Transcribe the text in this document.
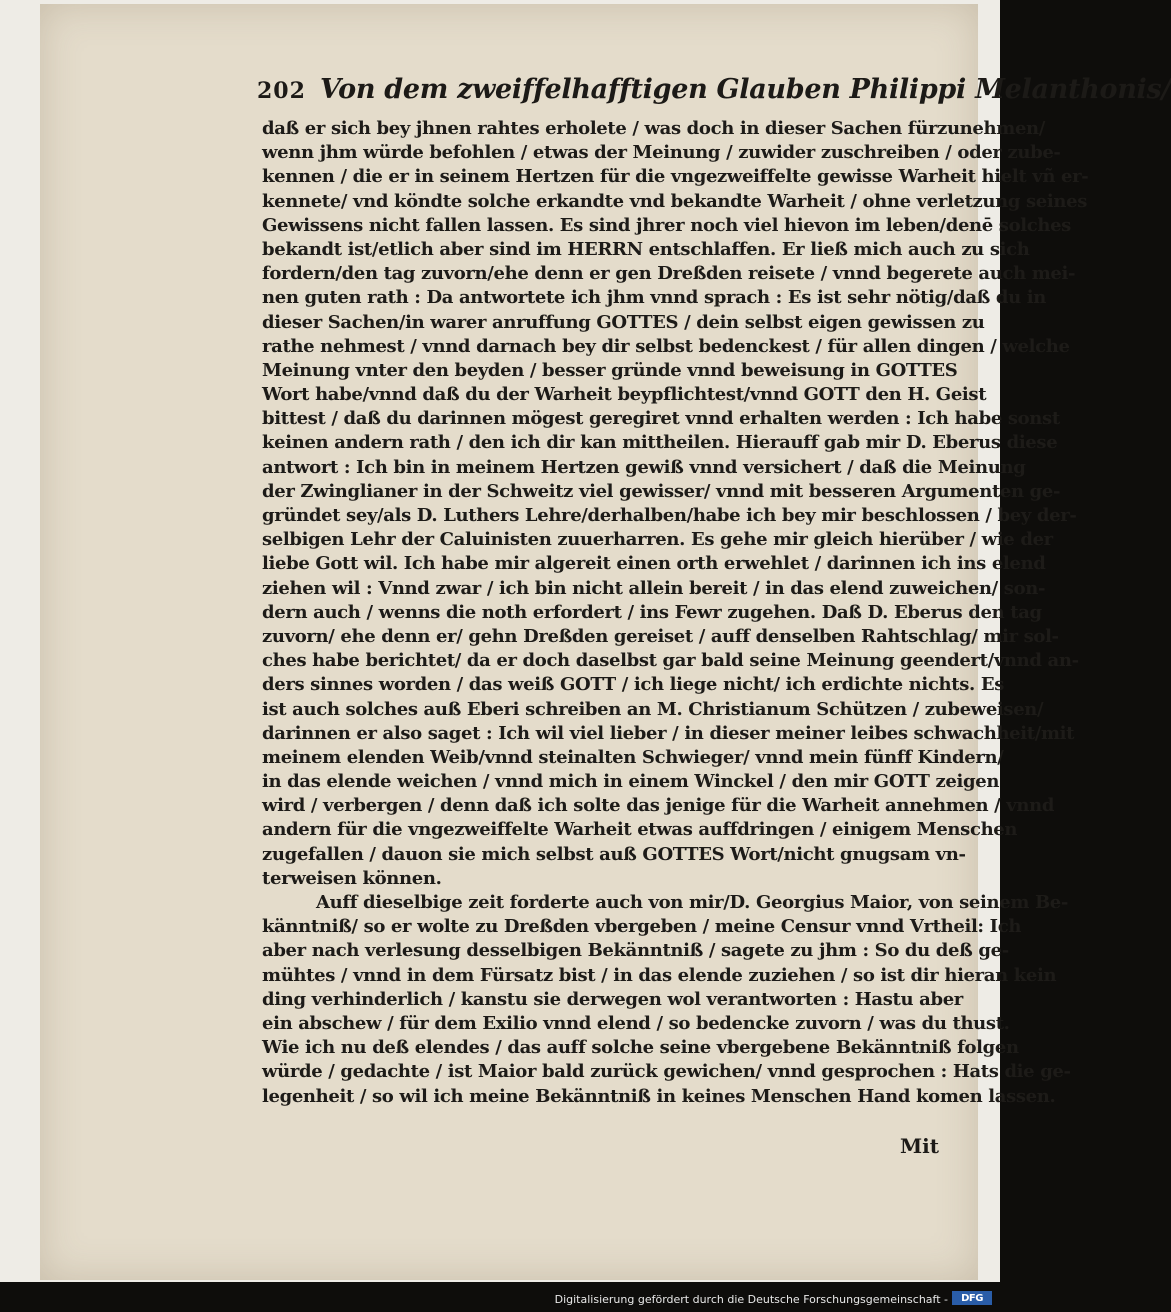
202 Von dem zweiffelhafftigen Glauben Philippi Melanthonis/
daß er sich bey jhnen rahtes erholete / was doch in dieser Sachen fürzunehmen/
wenn jhm würde befohlen / etwas der Meinung / zuwider zuschreiben / oder zube-
kennen / die er in seinem Hertzen für die vngezweiffelte gewisse Warheit hielt vñ er-
kennete/ vnd köndte solche erkandte vnd bekandte Warheit / ohne verletzung seines
Gewissens nicht fallen lassen. Es sind jhrer noch viel hievon im leben/denē solches
bekandt ist/etlich aber sind im HERRN entschlaffen. Er ließ mich auch zu sich
fordern/den tag zuvorn/ehe denn er gen Dreßden reisete / vnnd begerete auch mei-
nen guten rath : Da antwortete ich jhm vnnd sprach : Es ist sehr nötig/daß du in
dieser Sachen/in warer anruffung GOTTES / dein selbst eigen gewissen zu
rathe nehmest / vnnd darnach bey dir selbst bedenckest / für allen dingen / welche
Meinung vnter den beyden / besser gründe vnnd beweisung in GOTTES
Wort habe/vnnd daß du der Warheit beypflichtest/vnnd GOTT den H. Geist
bittest / daß du darinnen mögest geregiret vnnd erhalten werden : Ich habe sonst
keinen andern rath / den ich dir kan mittheilen. Hierauff gab mir D. Eberus diese
antwort : Ich bin in meinem Hertzen gewiß vnnd versichert / daß die Meinung
der Zwinglianer in der Schweitz viel gewisser/ vnnd mit besseren Argumenten ge-
gründet sey/als D. Luthers Lehre/derhalben/habe ich bey mir beschlossen / bey der-
selbigen Lehr der Caluinisten zuuerharren. Es gehe mir gleich hierüber / wie der
liebe Gott wil. Ich habe mir algereit einen orth erwehlet / darinnen ich ins elend
ziehen wil : Vnnd zwar / ich bin nicht allein bereit / in das elend zuweichen/ son-
dern auch / wenns die noth erfordert / ins Fewr zugehen. Daß D. Eberus den tag
zuvorn/ ehe denn er/ gehn Dreßden gereiset / auff denselben Rahtschlag/ mir sol-
ches habe berichtet/ da er doch daselbst gar bald seine Meinung geendert/vnnd an-
ders sinnes worden / das weiß GOTT / ich liege nicht/ ich erdichte nichts. Es
ist auch solches auß Eberi schreiben an M. Christianum Schützen / zubeweisen/
darinnen er also saget : Ich wil viel lieber / in dieser meiner leibes schwachheit/mit
meinem elenden Weib/vnnd steinalten Schwieger/ vnnd mein fünff Kindern/
in das elende weichen / vnnd mich in einem Winckel / den mir GOTT zeigen
wird / verbergen / denn daß ich solte das jenige für die Warheit annehmen / vnnd
andern für die vngezweiffelte Warheit etwas auffdringen / einigem Menschen
zugefallen / dauon sie mich selbst auß GOTTES Wort/nicht gnugsam vn-
terweisen können.
Auff dieselbige zeit forderte auch von mir/D. Georgius Maior, von seinem Be-
känntniß/ so er wolte zu Dreßden vbergeben / meine Censur vnnd Vrtheil: Ich
aber nach verlesung desselbigen Bekänntniß / sagete zu jhm : So du deß ge-
mühtes / vnnd in dem Fürsatz bist / in das elende zuziehen / so ist dir hieran kein
ding verhinderlich / kanstu sie derwegen wol verantworten : Hastu aber
ein abschew / für dem Exilio vnnd elend / so bedencke zuvorn / was du thust.
Wie ich nu deß elendes / das auff solche seine vbergebene Bekänntniß folgen
würde / gedachte / ist Maior bald zurück gewichen/ vnnd gesprochen : Hats die ge-
legenheit / so wil ich meine Bekänntniß in keines Menschen Hand komen lassen.
Mit
Digitalisierung gefördert durch die Deutsche Forschungsgemeinschaft -	DFG
